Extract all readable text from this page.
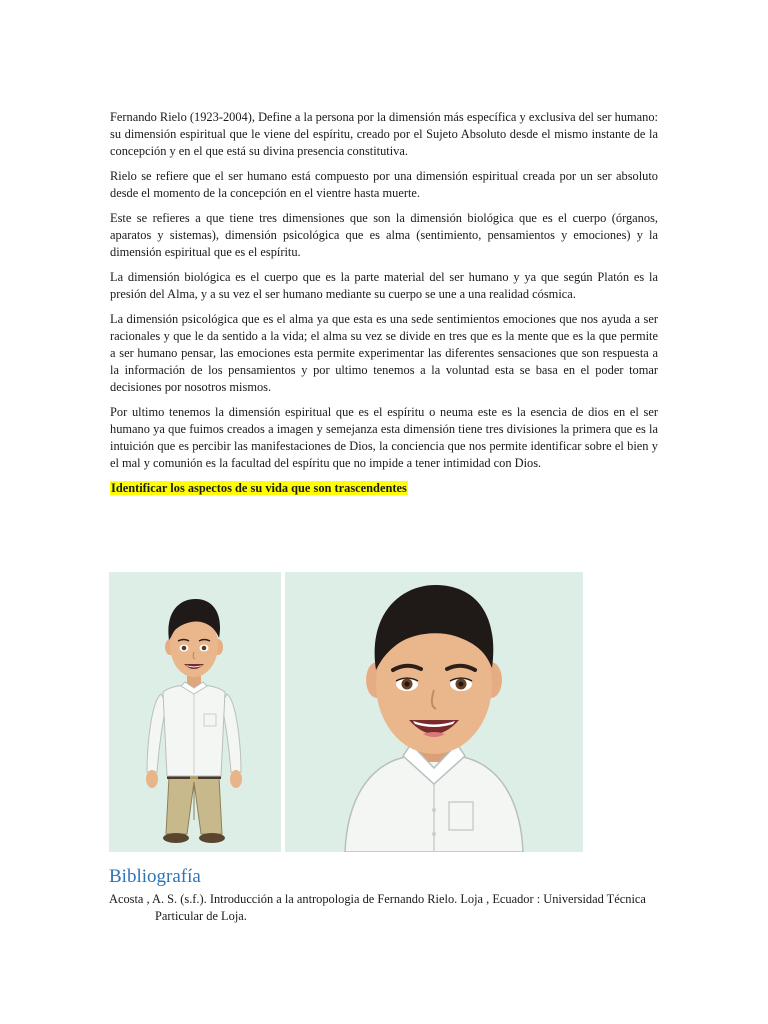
Fernando Rielo (1923-2004), Define a la persona por la dimensión más específica y exclusiva del ser humano: su dimensión espiritual que le viene del espíritu, creado por el Sujeto Absoluto desde el mismo instante de la concepción y en el que está su divina presencia constitutiva.

Rielo se refiere que el ser humano está compuesto por una dimensión espiritual creada por un ser absoluto desde el momento de la concepción en el vientre hasta muerte.

Este se refieres a que tiene tres dimensiones que son la dimensión biológica que es el cuerpo (órganos, aparatos y sistemas), dimensión psicológica que es alma (sentimiento, pensamientos y emociones) y la dimensión espiritual que es el espíritu.

La dimensión biológica es el cuerpo que es la parte material del ser humano y ya que según Platón es la presión del Alma, y a su vez el ser humano mediante su cuerpo se une a una realidad cósmica.

La dimensión psicológica que es el alma ya que esta es una sede sentimientos emociones que nos ayuda a ser racionales y que le da sentido a la vida; el alma su vez se divide en tres que es la mente que es la que permite a ser humano pensar, las emociones esta permite experimentar las diferentes sensaciones que son respuesta a la información de los pensamientos y por ultimo tenemos a la voluntad esta se basa en el poder tomar decisiones por nosotros mismos.

Por ultimo tenemos la dimensión espiritual que es el espíritu o neuma este es la esencia de dios en el ser humano ya que fuimos creados a imagen y semejanza esta dimensión tiene tres divisiones la primera que es la intuición que es percibir las manifestaciones de Dios, la conciencia que nos permite identificar sobre el bien y el mal y comunión es la facultad del espíritu que no impide a tener intimidad con Dios.

Identificar los aspectos de su vida que son trascendentes

Bibliografía

Acosta , A. S. (s.f.). Introducción a la antropologia de Fernando Rielo. Loja , Ecuador : Universidad Técnica Particular de Loja.
